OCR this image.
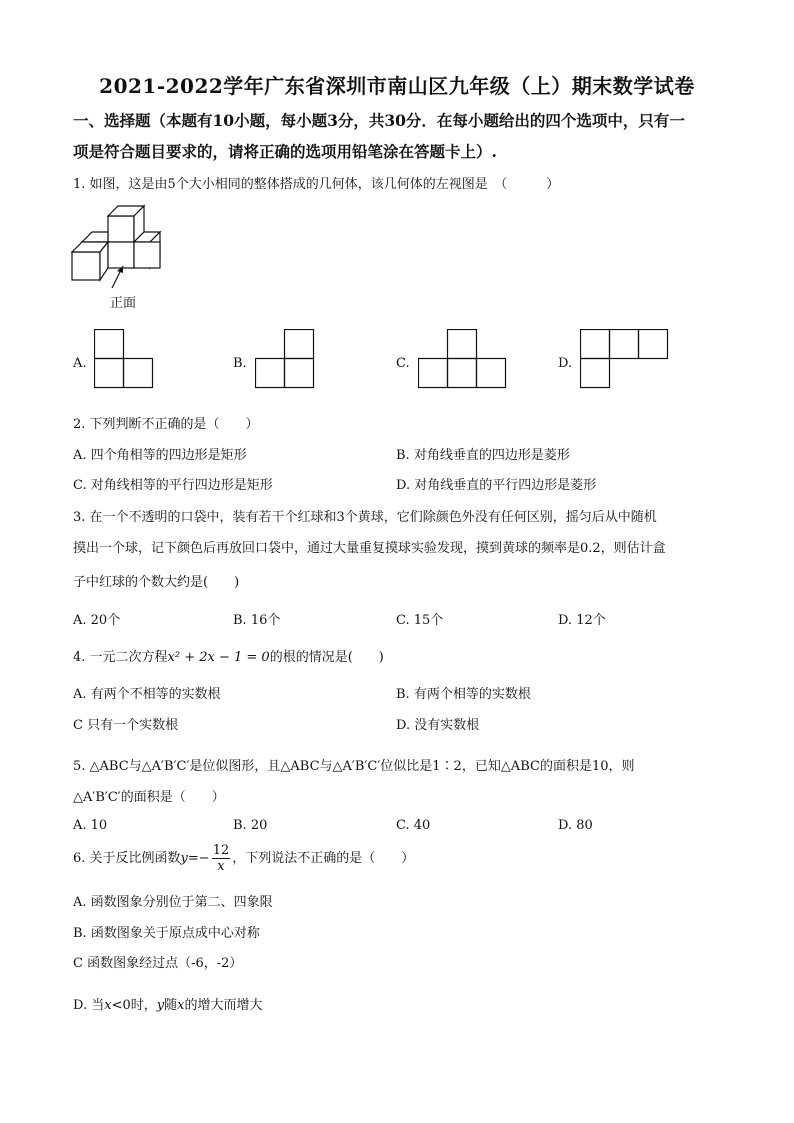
2021-2022学年广东省深圳市南山区九年级（上）期末数学试卷
一、选择题（本题有10小题，每小题3分，共30分．在每小题给出的四个选项中，只有一
项是符合题目要求的，请将正确的选项用铅笔涂在答题卡上）.
1. 如图，这是由5个大小相同的整体搭成的几何体，该几何体的左视图是　（　　　）
正面
A.	B.	C.	D.
2. 下列判断不正确的是（　　）
A. 四个角相等的四边形是矩形	B. 对角线垂直的四边形是菱形
C. 对角线相等的平行四边形是矩形	D. 对角线垂直的平行四边形是菱形
3. 在一个不透明的口袋中，装有若干个红球和3个黄球，它们除颜色外没有任何区别，摇匀后从中随机
摸出一个球，记下颜色后再放回口袋中，通过大量重复摸球实验发现，摸到黄球的频率是0.2，则估计盒
子中红球的个数大约是(　　)
A. 20个	B. 16个	C. 15个	D. 12个
4. 一元二次方程x² + 2x − 1 = 0的根的情况是(　　)
A. 有两个不相等的实数根	B. 有两个相等的实数根
C 只有一个实数根	D. 没有实数根
5. △ABC与△A′B′C′是位似图形，且△ABC与△A′B′C′位似比是1∶2，已知△ABC的面积是10，则
△A′B′C′的面积是（　　）
A. 10	B. 20	C. 40	D. 80
6. 关于反比例函数$y=- \frac{12}{x}$ ，下列说法不正确的是（　　）
A. 函数图象分别位于第二、四象限
B. 函数图象关于原点成中心对称
C 函数图象经过点（-6，-2）
D. 当x<0时，y随x的增大而增大
